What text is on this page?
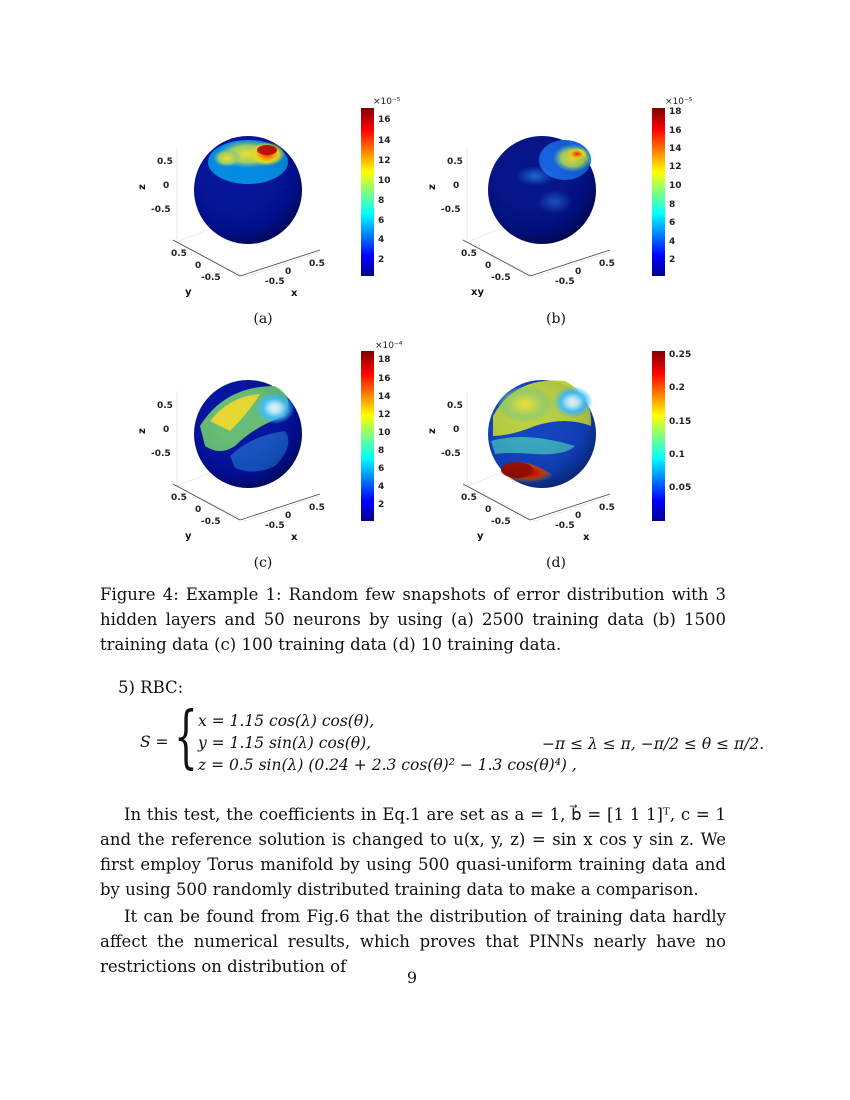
0.5
0
-0.5
z
0.5
0
-0.5
y
-0.5
0
0.5
x
×10⁻⁵
16
14
12
10
8
6
4
2
(a)
0.5
0
-0.5
z
0.5
0
-0.5
xy
-0.5
0
0.5
×10⁻⁵
18
16
14
12
10
8
6
4
2
(b)
0.5
0
-0.5
z
0.5
0
-0.5
y
-0.5
0
0.5
x
×10⁻⁴
18
16
14
12
10
8
6
4
2
(c)
0.5
0
-0.5
z
0.5
0
-0.5
y
-0.5
0
0.5
x
0.25
0.2
0.15
0.1
0.05
(d)
Figure 4: Example 1: Random few snapshots of error distribution with 3 hidden layers and 50 neurons by using (a) 2500 training data (b) 1500 training data (c) 100 training data (d) 10 training data.
5) RBC:
S = { x = 1.15 cos(λ) cos(θ),
y = 1.15 sin(λ) cos(θ),
z = 0.5 sin(λ) (0.24 + 2.3 cos(θ)² − 1.3 cos(θ)⁴) ,
−π ≤ λ ≤ π, −π/2 ≤ θ ≤ π/2.
In this test, the coefficients in Eq.1 are set as a = 1, b⃗ = [1 1 1]ᵀ, c = 1 and the reference solution is changed to u(x, y, z) = sin x cos y sin z. We first employ Torus manifold by using 500 quasi-uniform training data and by using 500 randomly distributed training data to make a comparison.
It can be found from Fig.6 that the distribution of training data hardly affect the numerical results, which proves that PINNs nearly have no restrictions on distribution of
9
